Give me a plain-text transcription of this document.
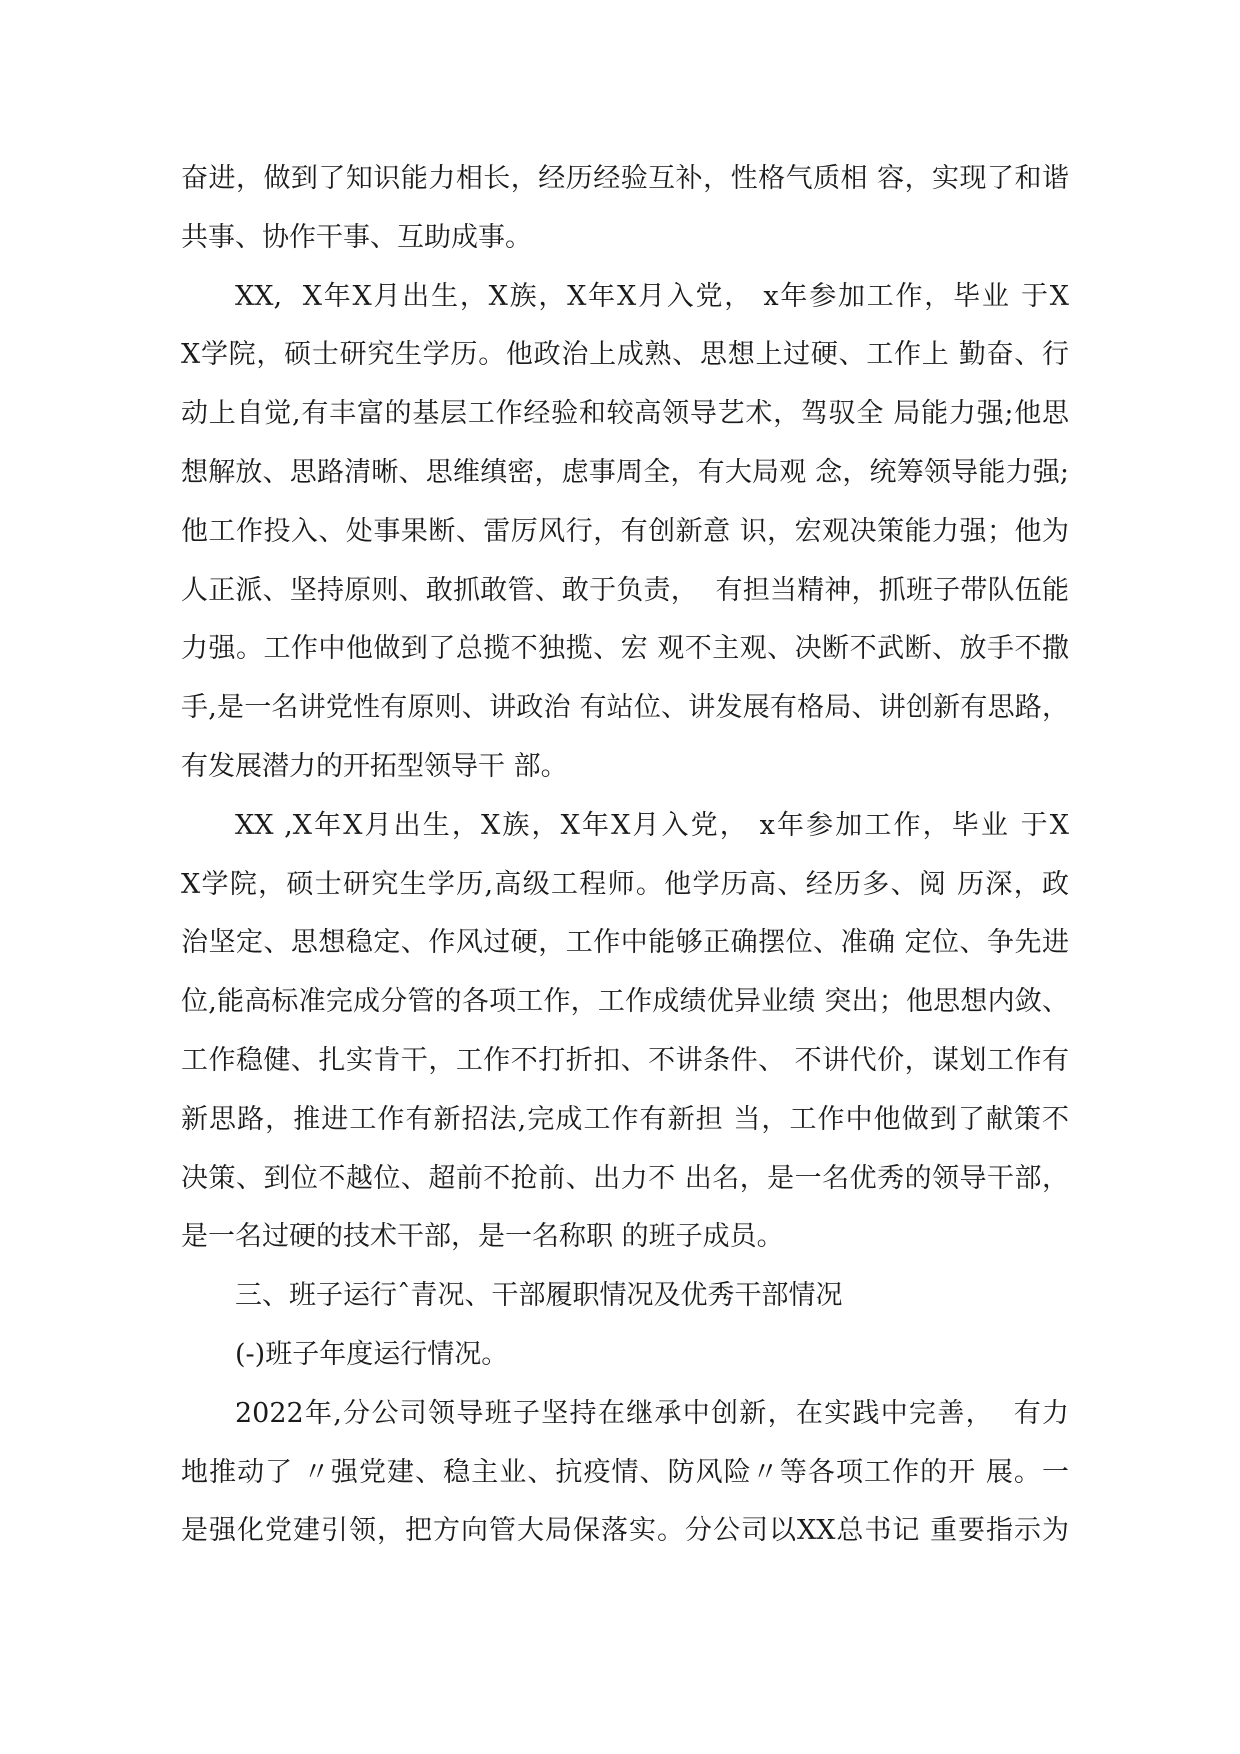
奋进，做到了知识能力相长，经历经验互补，性格气质相 容，实现了和谐
共事、协作干事、互助成事。
XX,  X年X月出生，X族，X年X月入党， x年参加工作，毕业 于X
X学院，硕士研究生学历。他政治上成熟、思想上过硬、工作上 勤奋、行
动上自觉,有丰富的基层工作经验和较高领导艺术，驾驭全 局能力强;他思
想解放、思路清晰、思维缜密，虑事周全，有大局观 念，统筹领导能力强;
他工作投入、处事果断、雷厉风行，有创新意 识，宏观决策能力强；他为
人正派、坚持原则、敢抓敢管、敢于负责，  有担当精神，抓班子带队伍能
力强。工作中他做到了总揽不独揽、宏 观不主观、决断不武断、放手不撒
手,是一名讲党性有原则、讲政治 有站位、讲发展有格局、讲创新有思路，
有发展潜力的开拓型领导干 部。
XX ,X年X月出生，X族，X年X月入党， x年参加工作，毕业 于X
X学院，硕士研究生学历,高级工程师。他学历高、经历多、阅 历深，政
治坚定、思想稳定、作风过硬，工作中能够正确摆位、准确 定位、争先进
位,能高标准完成分管的各项工作，工作成绩优异业绩 突出；他思想内敛、
工作稳健、扎实肯干，工作不打折扣、不讲条件、 不讲代价，谋划工作有
新思路，推进工作有新招法,完成工作有新担 当，工作中他做到了献策不
决策、到位不越位、超前不抢前、出力不 出名，是一名优秀的领导干部，
是一名过硬的技术干部，是一名称职 的班子成员。
三、班子运行ˆ青况、干部履职情况及优秀干部情况
(-)班子年度运行情况。
2022年,分公司领导班子坚持在继承中创新，在实践中完善，  有力
地推动了 〃强党建、稳主业、抗疫情、防风险〃等各项工作的开 展。一
是强化党建引领，把方向管大局保落实。分公司以XX总书记 重要指示为
